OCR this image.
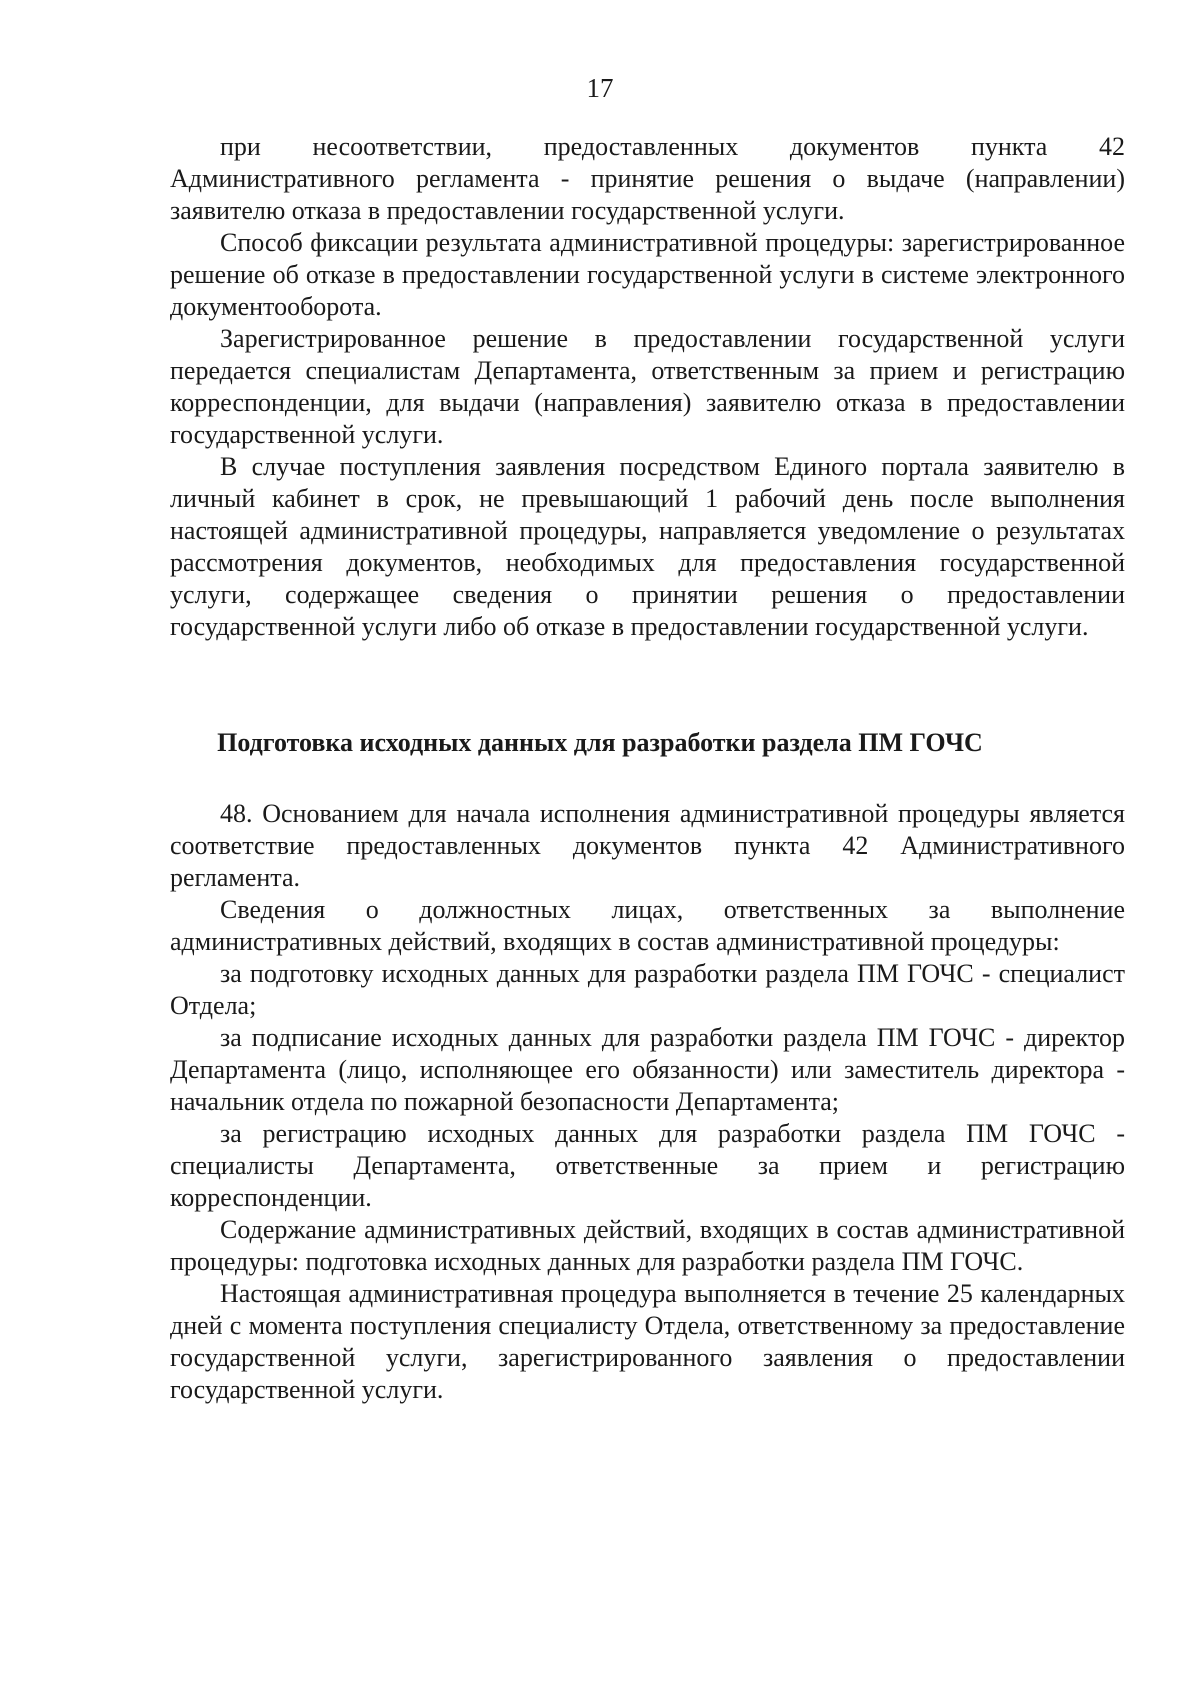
17

при несоответствии, предоставленных документов пункта 42 Административного регламента - принятие решения о выдаче (направлении) заявителю отказа в предоставлении государственной услуги.

Способ фиксации результата административной процедуры: зарегистрированное решение об отказе в предоставлении государственной услуги в системе электронного документооборота.

Зарегистрированное решение в предоставлении государственной услуги передается специалистам Департамента, ответственным за прием и регистрацию корреспонденции, для выдачи (направления) заявителю отказа в предоставлении государственной услуги.

В случае поступления заявления посредством Единого портала заявителю в личный кабинет в срок, не превышающий 1 рабочий день после выполнения настоящей административной процедуры, направляется уведомление о результатах рассмотрения документов, необходимых для предоставления государственной услуги, содержащее сведения о принятии решения о предоставлении государственной услуги либо об отказе в предоставлении государственной услуги.

Подготовка исходных данных для разработки раздела ПМ ГОЧС

48. Основанием для начала исполнения административной процедуры является соответствие предоставленных документов пункта 42 Административного регламента.

Сведения о должностных лицах, ответственных за выполнение административных действий, входящих в состав административной процедуры:

за подготовку исходных данных для разработки раздела ПМ ГОЧС - специалист Отдела;

за подписание исходных данных для разработки раздела ПМ ГОЧС - директор Департамента (лицо, исполняющее его обязанности) или заместитель директора - начальник отдела по пожарной безопасности Департамента;

за регистрацию исходных данных для разработки раздела ПМ ГОЧС - специалисты Департамента, ответственные за прием и регистрацию корреспонденции.

Содержание административных действий, входящих в состав административной процедуры: подготовка исходных данных для разработки раздела ПМ ГОЧС.

Настоящая административная процедура выполняется в течение 25 календарных дней с момента поступления специалисту Отдела, ответственному за предоставление государственной услуги, зарегистрированного заявления о предоставлении государственной услуги.
